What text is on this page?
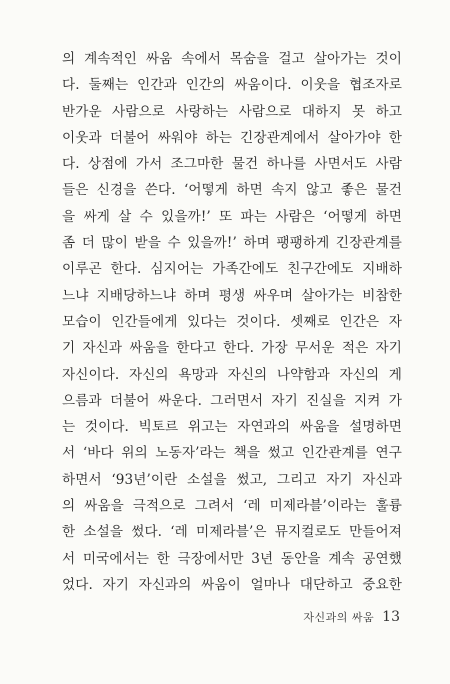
의 계속적인 싸움 속에서 목숨을 걸고 살아가는 것이
다. 둘째는 인간과 인간의 싸움이다. 이웃을 협조자로
반가운 사람으로 사랑하는 사람으로 대하지 못 하고
이웃과 더불어 싸워야 하는 긴장관계에서 살아가야 한
다. 상점에 가서 조그마한 물건 하나를 사면서도 사람
들은 신경을 쓴다. ‘어떻게 하면 속지 않고 좋은 물건
을 싸게 살 수 있을까!’ 또 파는 사람은 ‘어떻게 하면
좀 더 많이 받을 수 있을까!’ 하며 팽팽하게 긴장관계를
이루곤 한다. 심지어는 가족간에도 친구간에도 지배하
느냐 지배당하느냐 하며 평생 싸우며 살아가는 비참한
모습이 인간들에게 있다는 것이다. 셋째로 인간은 자
기 자신과 싸움을 한다고 한다. 가장 무서운 적은 자기
자신이다. 자신의 욕망과 자신의 나약함과 자신의 게
으름과 더불어 싸운다. 그러면서 자기 진실을 지켜 가
는 것이다. 빅토르 위고는 자연과의 싸움을 설명하면
서 ‘바다 위의 노동자’라는 책을 썼고 인간관계를 연구
하면서 ‘93년’이란 소설을 썼고, 그리고 자기 자신과
의 싸움을 극적으로 그려서 ‘레 미제라블’이라는 훌륭
한 소설을 썼다. ‘레 미제라블’은 뮤지컬로도 만들어져
서 미국에서는 한 극장에서만 3년 동안을 계속 공연했
었다. 자기 자신과의 싸움이 얼마나 대단하고 중요한
자신과의 싸움 13
